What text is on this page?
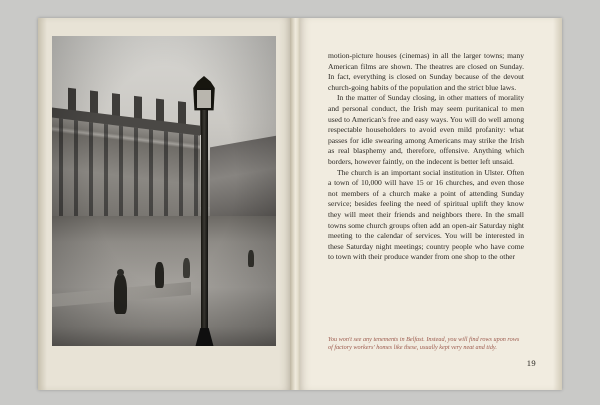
motion-picture houses (cinemas) in all the larger towns; many American films are shown. The theatres are closed on Sunday. In fact, everything is closed on Sunday because of the devout church-going habits of the population and the strict blue laws.

In the matter of Sunday closing, in other matters of morality and personal conduct, the Irish may seem puritanical to men used to American's free and easy ways. You will do well among respectable householders to avoid even mild profanity: what passes for idle swearing among Americans may strike the Irish as real blasphemy and, therefore, offensive. Anything which borders, however faintly, on the indecent is better left unsaid.

The church is an important social institution in Ulster. Often a town of 10,000 will have 15 or 16 churches, and even those not members of a church make a point of attending Sunday service; besides feeling the need of spiritual uplift they know they will meet their friends and neighbors there. In the small towns some church groups often add an open-air Saturday night meeting to the calendar of services. You will be interested in these Saturday night meetings; country people who have come to town with their produce wander from one shop to the other

You won't see any tenements in Belfast. Instead, you will find rows upon rows of factory workers' homes like these, usually kept very neat and tidy.
19
